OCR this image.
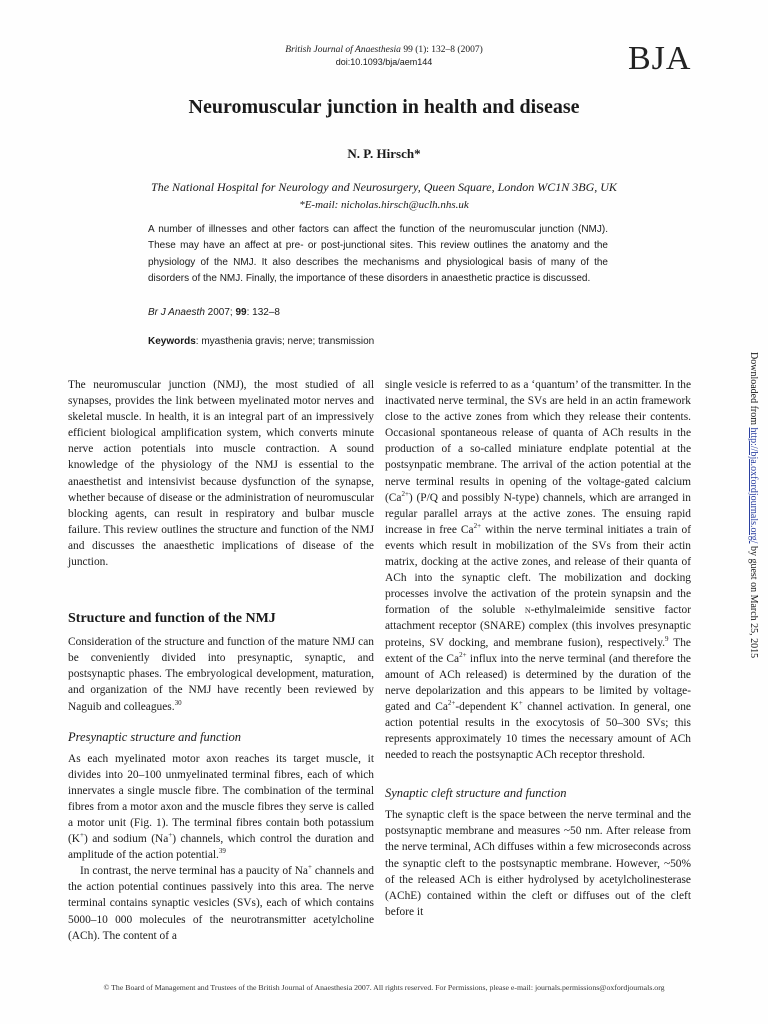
British Journal of Anaesthesia 99 (1): 132–8 (2007)
doi:10.1093/bja/aem144	BJA
Neuromuscular junction in health and disease
N. P. Hirsch*
The National Hospital for Neurology and Neurosurgery, Queen Square, London WC1N 3BG, UK
*E-mail: nicholas.hirsch@uclh.nhs.uk
A number of illnesses and other factors can affect the function of the neuromuscular junction (NMJ). These may have an affect at pre- or post-junctional sites. This review outlines the anatomy and the physiology of the NMJ. It also describes the mechanisms and physiological basis of many of the disorders of the NMJ. Finally, the importance of these disorders in anaesthetic practice is discussed.
Br J Anaesth 2007; 99: 132–8
Keywords: myasthenia gravis; nerve; transmission

The neuromuscular junction (NMJ), the most studied of all synapses, provides the link between myelinated motor nerves and skeletal muscle. In health, it is an integral part of an impressively efficient biological amplification system, which converts minute nerve action potentials into muscle contraction. A sound knowledge of the physiology of the NMJ is essential to the anaesthetist and intensivist because dysfunction of the synapse, whether because of disease or the administration of neuromuscular blocking agents, can result in respiratory and bulbar muscle failure. This review outlines the structure and function of the NMJ and discusses the anaesthetic implications of disease of the junction.

Structure and function of the NMJ

Consideration of the structure and function of the mature NMJ can be conveniently divided into presynaptic, synaptic, and postsynaptic phases. The embryological development, maturation, and organization of the NMJ have recently been reviewed by Naguib and colleagues.$^{30}$

Presynaptic structure and function

As each myelinated motor axon reaches its target muscle, it divides into 20–100 unmyelinated terminal fibres, each of which innervates a single muscle fibre. The combination of the terminal fibres from a motor axon and the muscle fibres they serve is called a motor unit (Fig. 1). The terminal fibres contain both potassium (K+) and sodium (Na+) channels, which control the duration and amplitude of the action potential.$^{39}$

In contrast, the nerve terminal has a paucity of Na+ channels and the action potential continues passively into this area. The nerve terminal contains synaptic vesicles (SVs), each of which contains 5000–10 000 molecules of the neurotransmitter acetylcholine (ACh). The content of a

single vesicle is referred to as a ‘quantum’ of the transmitter. In the inactivated nerve terminal, the SVs are held in an actin framework close to the active zones from which they release their contents. Occasional spontaneous release of quanta of ACh results in the production of a so-called miniature endplate potential at the postsynpatic membrane. The arrival of the action potential at the nerve terminal results in opening of the voltage-gated calcium $(Ca^{2+})$ (P/Q and possibly N-type) channels, which are arranged in regular parallel arrays at the active zones. The ensuing rapid increase in free $Ca^{2+}$ within the nerve terminal initiates a train of events which result in mobilization of the SVs from their actin matrix, docking at the active zones, and release of their quanta of ACh into the synaptic cleft. The mobilization and docking processes involve the activation of the protein synapsin and the formation of the soluble n-ethylmaleimide sensitive factor attachment receptor (SNARE) complex (this involves presynaptic proteins, SV docking, and membrane fusion), respectively.$^9$ The extent of the $Ca^{2+}$ influx into the nerve terminal (and therefore the amount of ACh released) is determined by the duration of the nerve depolarization and this appears to be limited by voltage-gated and $Ca^{2+}$-dependent K+ channel activation. In general, one action potential results in the exocytosis of 50–300 SVs; this represents approximately 10 times the necessary amount of ACh needed to reach the postsynaptic ACh receptor threshold.

Synaptic cleft structure and function

The synaptic cleft is the space between the nerve terminal and the postsynaptic membrane and measures ~50 nm. After release from the nerve terminal, ACh diffuses within a few microseconds across the synaptic cleft to the postsynaptic membrane. However, ~50% of the released ACh is either hydrolysed by acetylcholinesterase (AChE) contained within the cleft or diffuses out of the cleft before it

Downloaded from http://bja.oxfordjournals.org/ by guest on March 25, 2015
© The Board of Management and Trustees of the British Journal of Anaesthesia 2007. All rights reserved. For Permissions, please e-mail: journals.permissions@oxfordjournals.org
